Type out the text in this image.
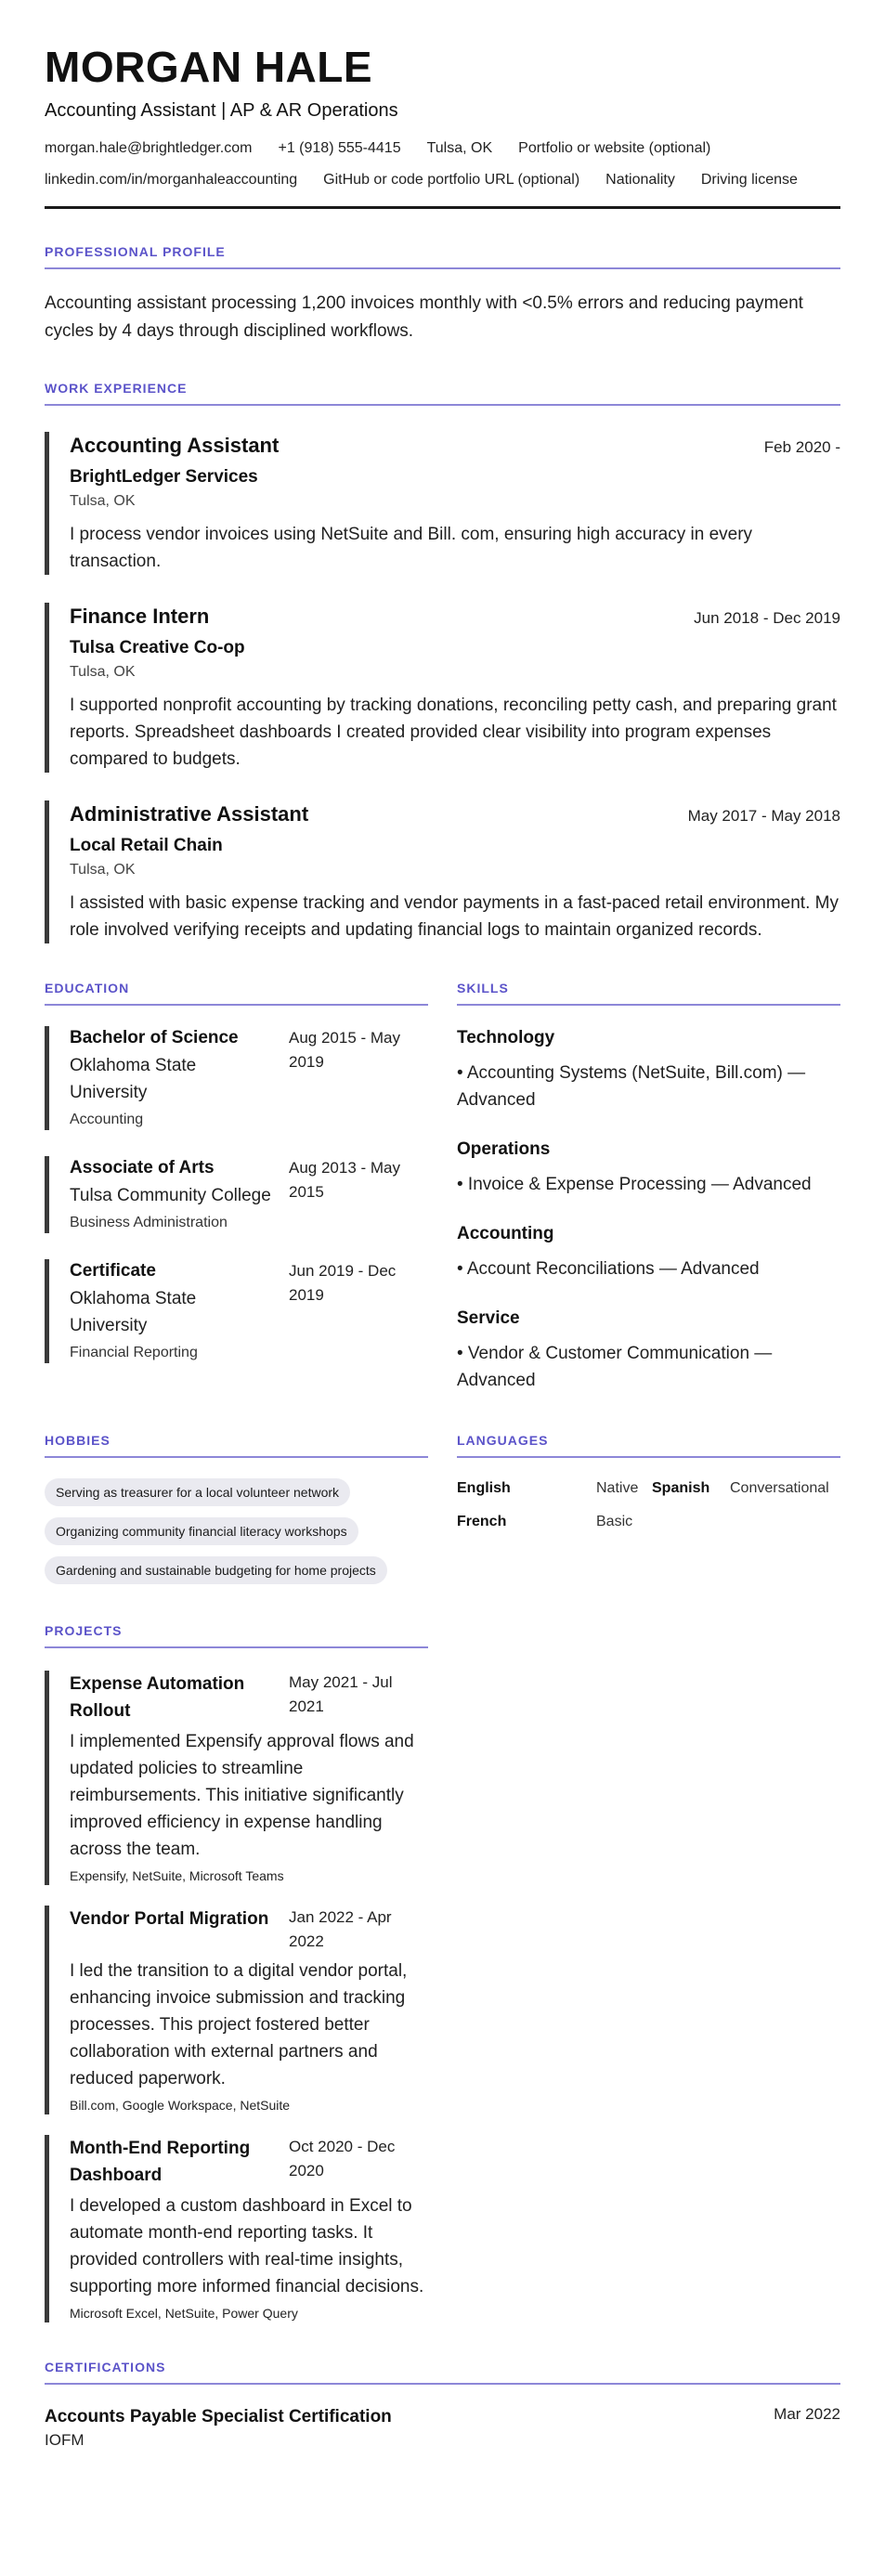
MORGAN HALE
Accounting Assistant | AP & AR Operations
morgan.hale@brightledger.com +1 (918) 555-4415 Tulsa, OK Portfolio or website (optional)
linkedin.com/in/morganhaleaccounting GitHub or code portfolio URL (optional) Nationality Driving license
PROFESSIONAL PROFILE
Accounting assistant processing 1,200 invoices monthly with <0.5% errors and reducing payment cycles by 4 days through disciplined workflows.
WORK EXPERIENCE
Accounting Assistant	Feb 2020 -
BrightLedger Services
Tulsa, OK
I process vendor invoices using NetSuite and Bill. com, ensuring high accuracy in every transaction.
Finance Intern	Jun 2018 - Dec 2019
Tulsa Creative Co-op
Tulsa, OK
I supported nonprofit accounting by tracking donations, reconciling petty cash, and preparing grant reports. Spreadsheet dashboards I created provided clear visibility into program expenses compared to budgets.
Administrative Assistant	May 2017 - May 2018
Local Retail Chain
Tulsa, OK
I assisted with basic expense tracking and vendor payments in a fast-paced retail environment. My role involved verifying receipts and updating financial logs to maintain organized records.
EDUCATION
Bachelor of Science
Oklahoma State University
Accounting
Aug 2015 - May 2019
Associate of Arts
Tulsa Community College
Business Administration
Aug 2013 - May 2015
Certificate
Oklahoma State University
Financial Reporting
Jun 2019 - Dec 2019
SKILLS
Technology
• Accounting Systems (NetSuite, Bill.com) — Advanced
Operations
• Invoice & Expense Processing — Advanced
Accounting
• Account Reconciliations — Advanced
Service
• Vendor & Customer Communication — Advanced
HOBBIES
Serving as treasurer for a local volunteer network
Organizing community financial literacy workshops
Gardening and sustainable budgeting for home projects
LANGUAGES
English	Native Spanish	Conversational
French	Basic
PROJECTS
Expense Automation Rollout
May 2021 - Jul 2021
I implemented Expensify approval flows and updated policies to streamline reimbursements. This initiative significantly improved efficiency in expense handling across the team.
Expensify, NetSuite, Microsoft Teams
Vendor Portal Migration	Jan 2022 - Apr 2022
I led the transition to a digital vendor portal, enhancing invoice submission and tracking processes. This project fostered better collaboration with external partners and reduced paperwork.
Bill.com, Google Workspace, NetSuite
Month-End Reporting Dashboard
Oct 2020 - Dec 2020
I developed a custom dashboard in Excel to automate month-end reporting tasks. It provided controllers with real-time insights, supporting more informed financial decisions.
Microsoft Excel, NetSuite, Power Query
CERTIFICATIONS
Accounts Payable Specialist Certification
IOFM
Mar 2022
